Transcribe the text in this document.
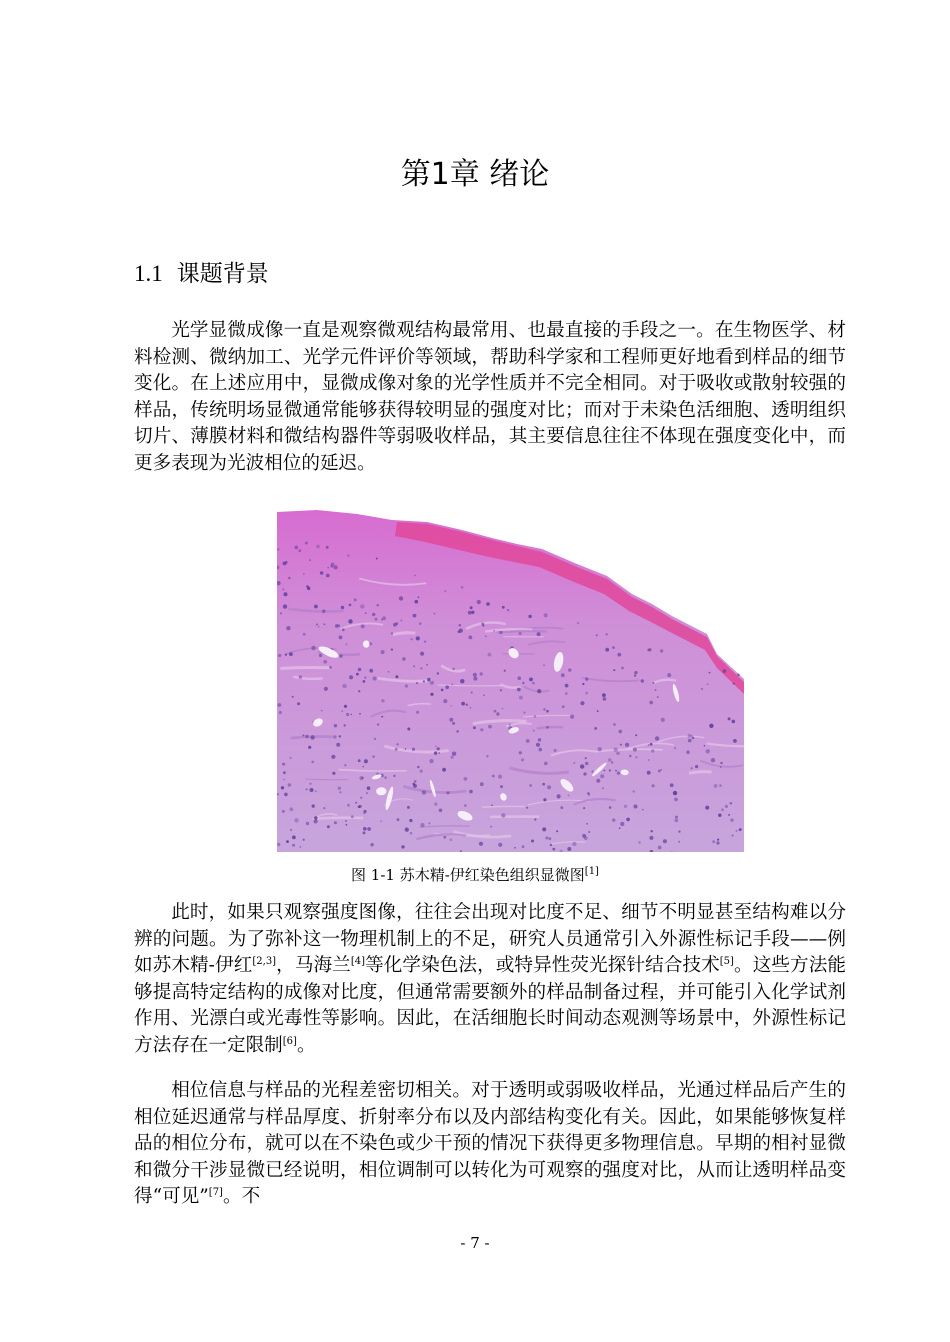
第1章 绪论
1.1 课题背景

光学显微成像一直是观察微观结构最常用、也最直接的手段之一。在生物医学、材料检测、微纳加工、光学元件评价等领域，帮助科学家和工程师更好地看到样品的细节变化。在上述应用中，显微成像对象的光学性质并不完全相同。对于吸收或散射较强的样品，传统明场显微通常能够获得较明显的强度对比；而对于未染色活细胞、透明组织切片、薄膜材料和微结构器件等弱吸收样品，其主要信息往往不体现在强度变化中，而更多表现为光波相位的延迟。

图 1-1 苏木精-伊红染色组织显微图[1]

此时，如果只观察强度图像，往往会出现对比度不足、细节不明显甚至结构难以分辨的问题。为了弥补这一物理机制上的不足，研究人员通常引入外源性标记手段——例如苏木精-伊红[2,3]，马海兰[4]等化学染色法，或特异性荧光探针结合技术[5]。这些方法能够提高特定结构的成像对比度，但通常需要额外的样品制备过程，并可能引入化学试剂作用、光漂白或光毒性等影响。因此，在活细胞长时间动态观测等场景中，外源性标记方法存在一定限制[6]。

相位信息与样品的光程差密切相关。对于透明或弱吸收样品，光通过样品后产生的相位延迟通常与样品厚度、折射率分布以及内部结构变化有关。因此，如果能够恢复样品的相位分布，就可以在不染色或少干预的情况下获得更多物理信息。早期的相衬显微和微分干涉显微已经说明，相位调制可以转化为可观察的强度对比，从而让透明样品变得“可见”[7]。不

- 7 -
